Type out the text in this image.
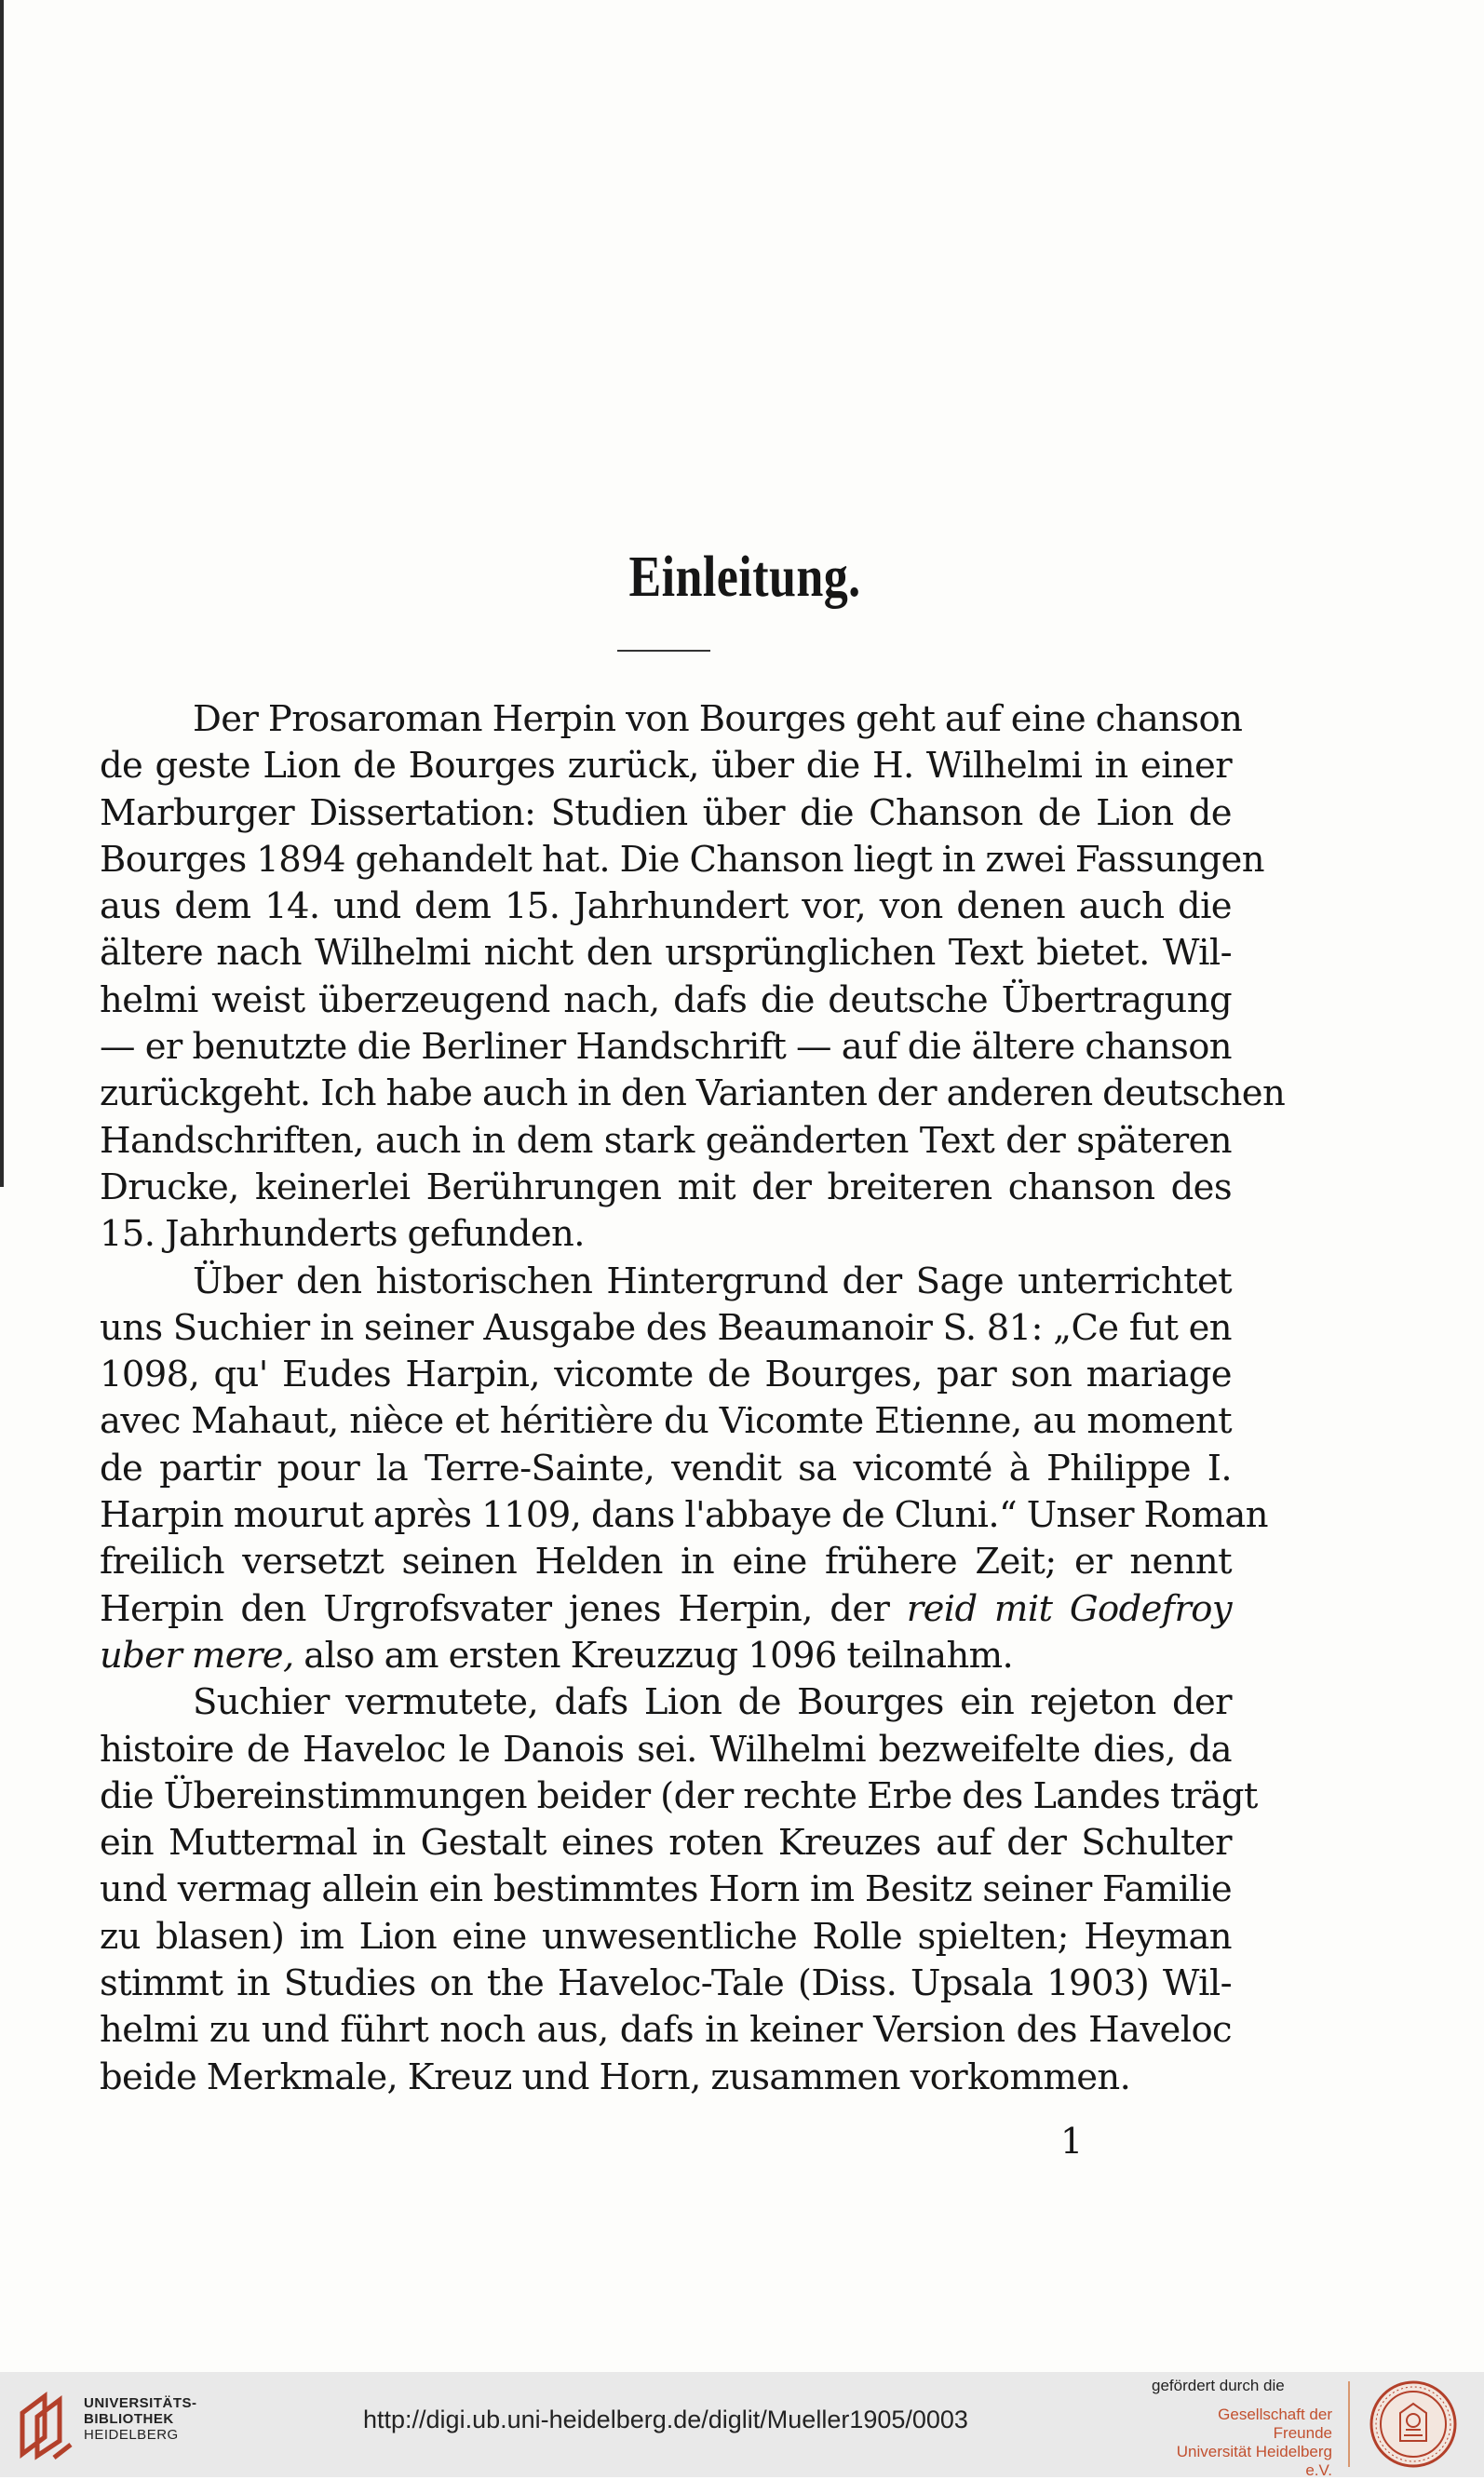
Einleitung.

Der Prosaroman Herpin von Bourges geht auf eine chanson
de geste Lion de Bourges zurück, über die H. Wilhelmi in einer
Marburger Dissertation: Studien über die Chanson de Lion de
Bourges 1894 gehandelt hat. Die Chanson liegt in zwei Fassungen
aus dem 14. und dem 15. Jahrhundert vor, von denen auch die
ältere nach Wilhelmi nicht den ursprünglichen Text bietet. Wil-
helmi weist überzeugend nach, dafs die deutsche Übertragung
— er benutzte die Berliner Handschrift — auf die ältere chanson
zurückgeht. Ich habe auch in den Varianten der anderen deutschen
Handschriften, auch in dem stark geänderten Text der späteren
Drucke, keinerlei Berührungen mit der breiteren chanson des
15. Jahrhunderts gefunden.

Über den historischen Hintergrund der Sage unterrichtet
uns Suchier in seiner Ausgabe des Beaumanoir S. 81: „Ce fut en
1098, qu' Eudes Harpin, vicomte de Bourges, par son mariage
avec Mahaut, nièce et héritière du Vicomte Etienne, au moment
de partir pour la Terre-Sainte, vendit sa vicomté à Philippe I.
Harpin mourut après 1109, dans l'abbaye de Cluni.“ Unser Roman
freilich versetzt seinen Helden in eine frühere Zeit; er nennt
Herpin den Urgrofsvater jenes Herpin, der reid mit Godefroy
uber mere, also am ersten Kreuzzug 1096 teilnahm.

Suchier vermutete, dafs Lion de Bourges ein rejeton der
histoire de Haveloc le Danois sei. Wilhelmi bezweifelte dies, da
die Übereinstimmungen beider (der rechte Erbe des Landes trägt
ein Muttermal in Gestalt eines roten Kreuzes auf der Schulter
und vermag allein ein bestimmtes Horn im Besitz seiner Familie
zu blasen) im Lion eine unwesentliche Rolle spielten; Heyman
stimmt in Studies on the Haveloc-Tale (Diss. Upsala 1903) Wil-
helmi zu und führt noch aus, dafs in keiner Version des Haveloc
beide Merkmale, Kreuz und Horn, zusammen vorkommen.

1
UNIVERSITÄTS-
BIBLIOTHEK
HEIDELBERG
http://digi.ub.uni-heidelberg.de/diglit/Mueller1905/0003
gefördert durch die
Gesellschaft der Freunde
Universität Heidelberg e.V.
